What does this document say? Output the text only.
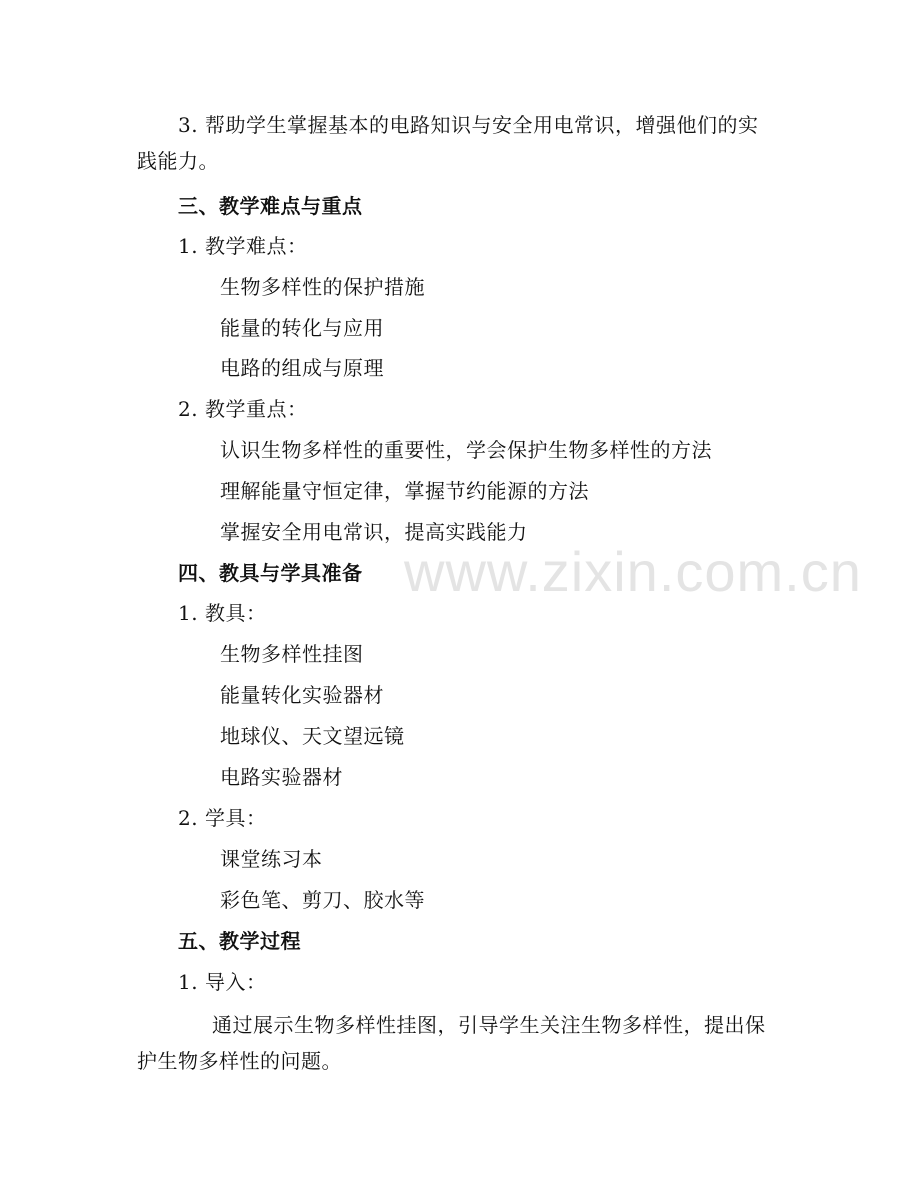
www.zixin.com.cn
3. 帮助学生掌握基本的电路知识与安全用电常识，增强他们的实
践能力。
三、教学难点与重点
1. 教学难点：
生物多样性的保护措施
能量的转化与应用
电路的组成与原理
2. 教学重点：
认识生物多样性的重要性，学会保护生物多样性的方法
理解能量守恒定律，掌握节约能源的方法
掌握安全用电常识，提高实践能力
四、教具与学具准备
1. 教具：
生物多样性挂图
能量转化实验器材
地球仪、天文望远镜
电路实验器材
2. 学具：
课堂练习本
彩色笔、剪刀、胶水等
五、教学过程
1. 导入：
通过展示生物多样性挂图，引导学生关注生物多样性，提出保
护生物多样性的问题。
